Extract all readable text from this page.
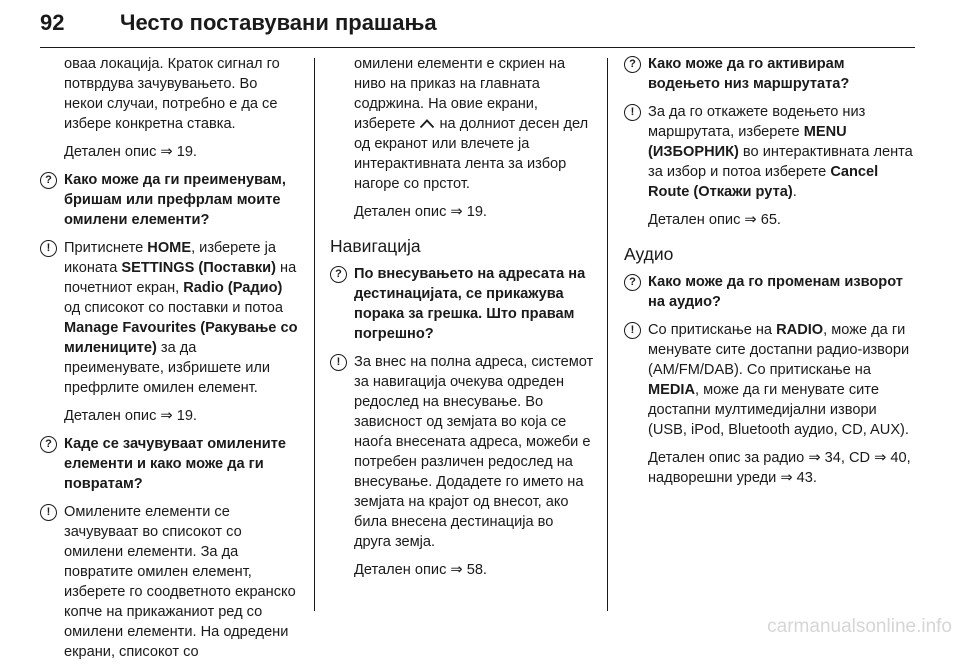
92	Често поставувани прашања

оваа локација. Краток сигнал го потврдува зачувувањето. Во некои случаи, потребно е да се избере конкретна ставка.

Детален опис ⇒ 19.

? Како може да ги преименувам, бришам или префрлам моите омилени елементи?
! Притиснете HOME, изберете ја иконата SETTINGS (Поставки) на почетниот екран, Radio (Радио) од списокот со поставки и потоа Manage Favourites (Ракување со миленицитe) за да преименувате, избришете или префрлите омилен елемент.

Детален опис ⇒ 19.

? Каде се зачувуваат омилените елементи и како може да ги повратам?
! Омилените елементи се зачувуваат во списокот со омилени елементи. За да повратите омилен елемент, изберете го соодветното екранско копче на прикажаниот ред со омилени елементи. На одредени екрани, списокот со

омилени елементи е скриен на ниво на приказ на главната содржина. На овие екрани, изберете  на долниот десен дел од екранот или влечете ја интерактивната лента за избор нагоре со прстот.

Детален опис ⇒ 19.

Навигација
? По внесувањето на адресата на дестинацијата, се прикажува порака за грешка. Што правам погрешно?
! За внес на полна адреса, системот за навигација очекува одреден редослед на внесување. Во зависност од земјата во која се наоѓа внесената адреса, можеби е потребен различен редослед на внесување. Додадете го името на земјата на крајот од внесот, ако била внесена дестинација во друга земја.

Детален опис ⇒ 58.

? Како може да го активирам водењето низ маршрутата?
! За да го откажете водењето низ маршрутата, изберете MENU (ИЗБОРНИК) во интерактивната лента за избор и потоа изберете Cancel Route (Откажи рута).

Детален опис ⇒ 65.

Аудио
? Како може да го променам изворот на аудио?
! Со притискање на RADIO, може да ги менувате сите достапни радио-извори (AM/FM/DAB). Со притискање на MEDIA, може да ги менувате сите достапни мултимедијални извори (USB, iPod, Bluetooth аудио, CD, AUX).

Детален опис за радио ⇒ 34, CD ⇒ 40, надворешни уреди ⇒ 43.

carmanualsonline.info
